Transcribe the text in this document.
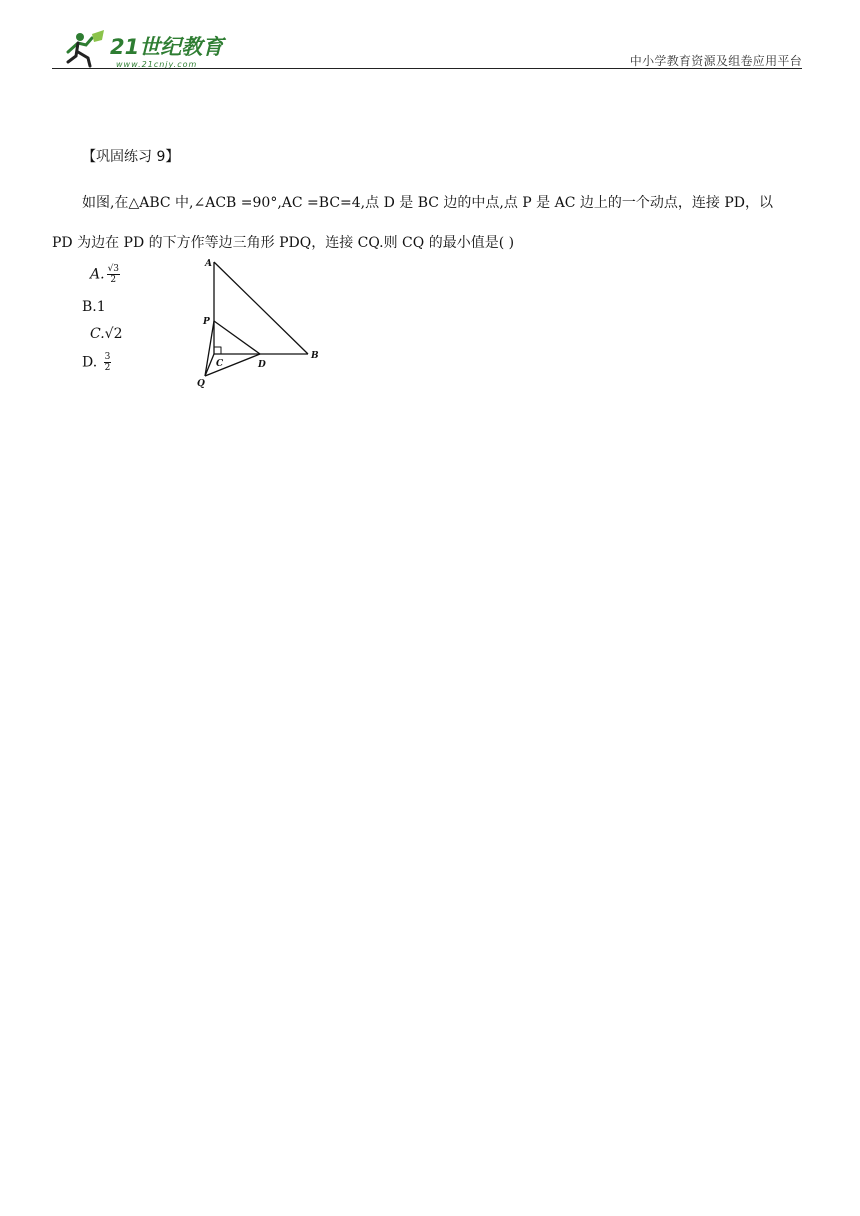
21世纪教育
www.21cnjy.com	中小学教育资源及组卷应用平台
【巩固练习 9】
如图,在△ABC 中,∠ACB =90°,AC =BC=4,点 D 是 BC 边的中点,点 P 是 AC 边上的一个动点，连接 PD，以
PD 为边在 PD 的下方作等边三角形 PDQ，连接 CQ.则 CQ 的最小值是( )
A. $\frac{√3}{2}$
B.1
C.√2
D. $\frac{3}{2}$
A
P
C	D
B
Q
